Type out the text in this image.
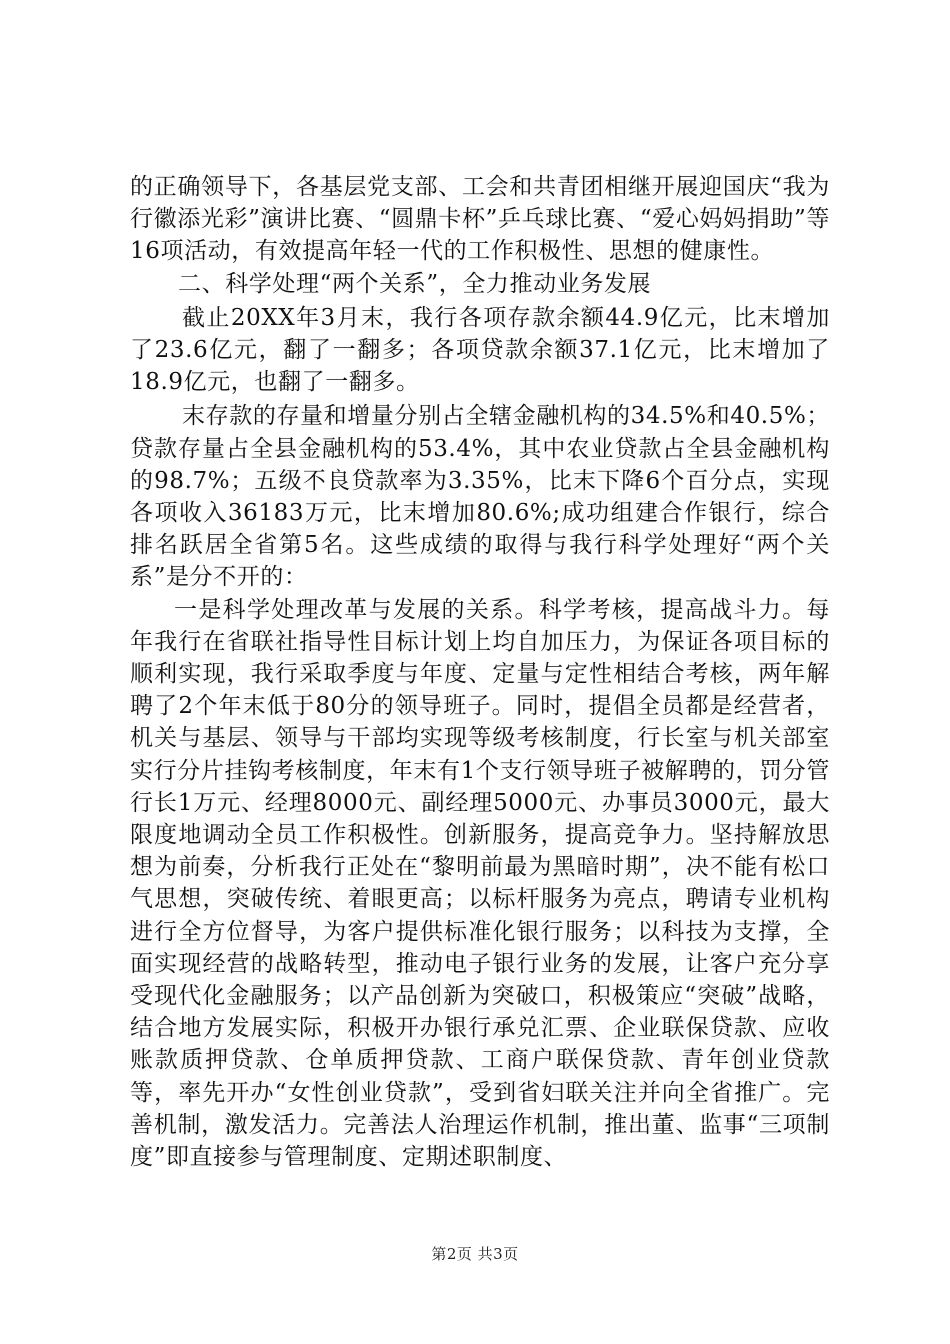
的正确领导下，各基层党支部、工会和共青团相继开展迎国庆“我为行徽添光彩”演讲比赛、“圆鼎卡杯”乒乓球比赛、“爱心妈妈捐助”等16项活动，有效提高年轻一代的工作积极性、思想的健康性。

二、科学处理“两个关系”，全力推动业务发展

截止20XX年3月末，我行各项存款余额44.9亿元，比末增加了23.6亿元，翻了一翻多；各项贷款余额37.1亿元，比末增加了18.9亿元，也翻了一翻多。

末存款的存量和增量分别占全辖金融机构的34.5%和40.5%；贷款存量占全县金融机构的53.4%，其中农业贷款占全县金融机构的98.7%；五级不良贷款率为3.35%，比末下降6个百分点，实现各项收入36183万元，比末增加80.6%;成功组建合作银行，综合排名跃居全省第5名。这些成绩的取得与我行科学处理好“两个关系”是分不开的：

一是科学处理改革与发展的关系。科学考核，提高战斗力。每年我行在省联社指导性目标计划上均自加压力，为保证各项目标的顺利实现，我行采取季度与年度、定量与定性相结合考核，两年解聘了2个年末低于80分的领导班子。同时，提倡全员都是经营者，机关与基层、领导与干部均实现等级考核制度，行长室与机关部室实行分片挂钩考核制度，年末有1个支行领导班子被解聘的，罚分管行长1万元、经理8000元、副经理5000元、办事员3000元，最大限度地调动全员工作积极性。创新服务，提高竞争力。坚持解放思想为前奏，分析我行正处在“黎明前最为黑暗时期”，决不能有松口气思想，突破传统、着眼更高；以标杆服务为亮点，聘请专业机构进行全方位督导，为客户提供标准化银行服务；以科技为支撑，全面实现经营的战略转型，推动电子银行业务的发展，让客户充分享受现代化金融服务；以产品创新为突破口，积极策应“突破”战略，结合地方发展实际，积极开办银行承兑汇票、企业联保贷款、应收账款质押贷款、仓单质押贷款、工商户联保贷款、青年创业贷款等，率先开办“女性创业贷款”，受到省妇联关注并向全省推广。完善机制，激发活力。完善法人治理运作机制，推出董、监事“三项制度”即直接参与管理制度、定期述职制度、

第2页 共3页
